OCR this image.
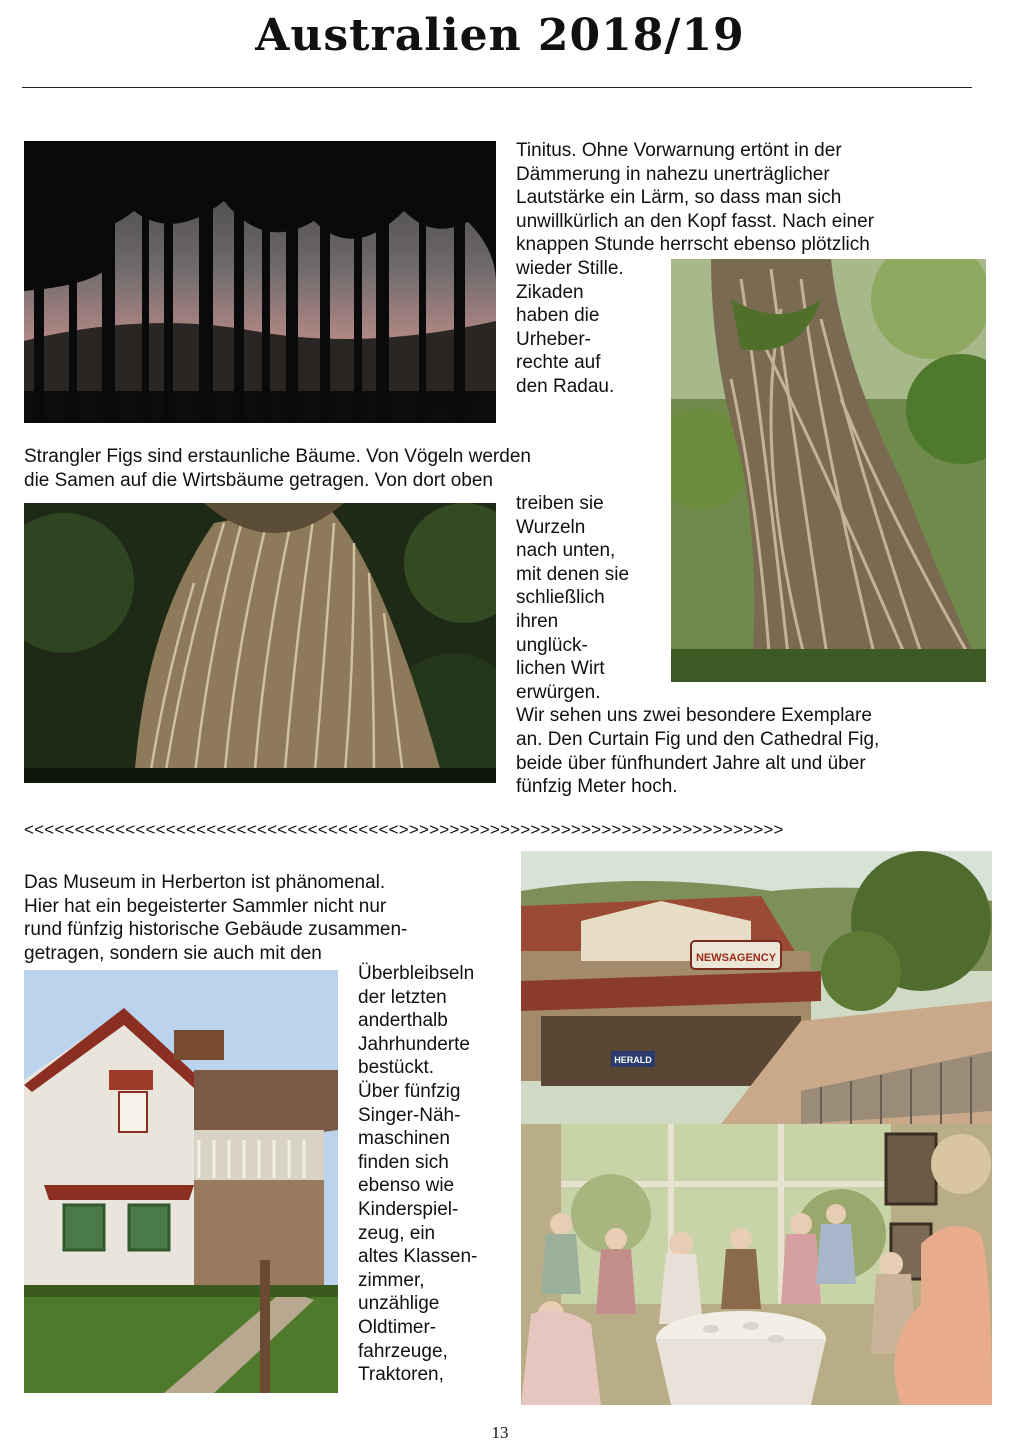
Australien 2018/19
Tinitus. Ohne Vorwarnung ertönt in der
Dämmerung in nahezu unerträglicher
Lautstärke ein Lärm, so dass man sich
unwillkürlich an den Kopf fasst. Nach einer
knappen Stunde herrscht ebenso plötzlich
wieder Stille.
Zikaden
haben die
Urheber-
rechte auf
den Radau.
Strangler Figs sind erstaunliche Bäume. Von Vögeln werden
die Samen auf die Wirtsbäume getragen. Von dort oben
treiben sie
Wurzeln
nach unten,
mit denen sie
schließlich
ihren
unglück-
lichen Wirt
erwürgen.
Wir sehen uns zwei besondere Exemplare
an. Den Curtain Fig und den Cathedral Fig,
beide über fünfhundert Jahre alt und über
fünfzig Meter hoch.
<<<<<<<<<<<<<<<<<<<<<<<<<<<<<<<<<<<<<>>>>>>>>>>>>>>>>>>>>>>>>>>>>>>>>>>>>>>
NEWSAGENCY
HERALD
Das Museum in Herberton ist phänomenal.
Hier hat ein begeisterter Sammler nicht nur
rund fünfzig historische Gebäude zusammen-
getragen, sondern sie auch mit den
Überbleibseln
der letzten
anderthalb
Jahrhunderte
bestückt.
Über fünfzig
Singer-Näh-
maschinen
finden sich
ebenso wie
Kinderspiel-
zeug, ein
altes Klassen-
zimmer,
unzählige
Oldtimer-
fahrzeuge,
Traktoren,
13
